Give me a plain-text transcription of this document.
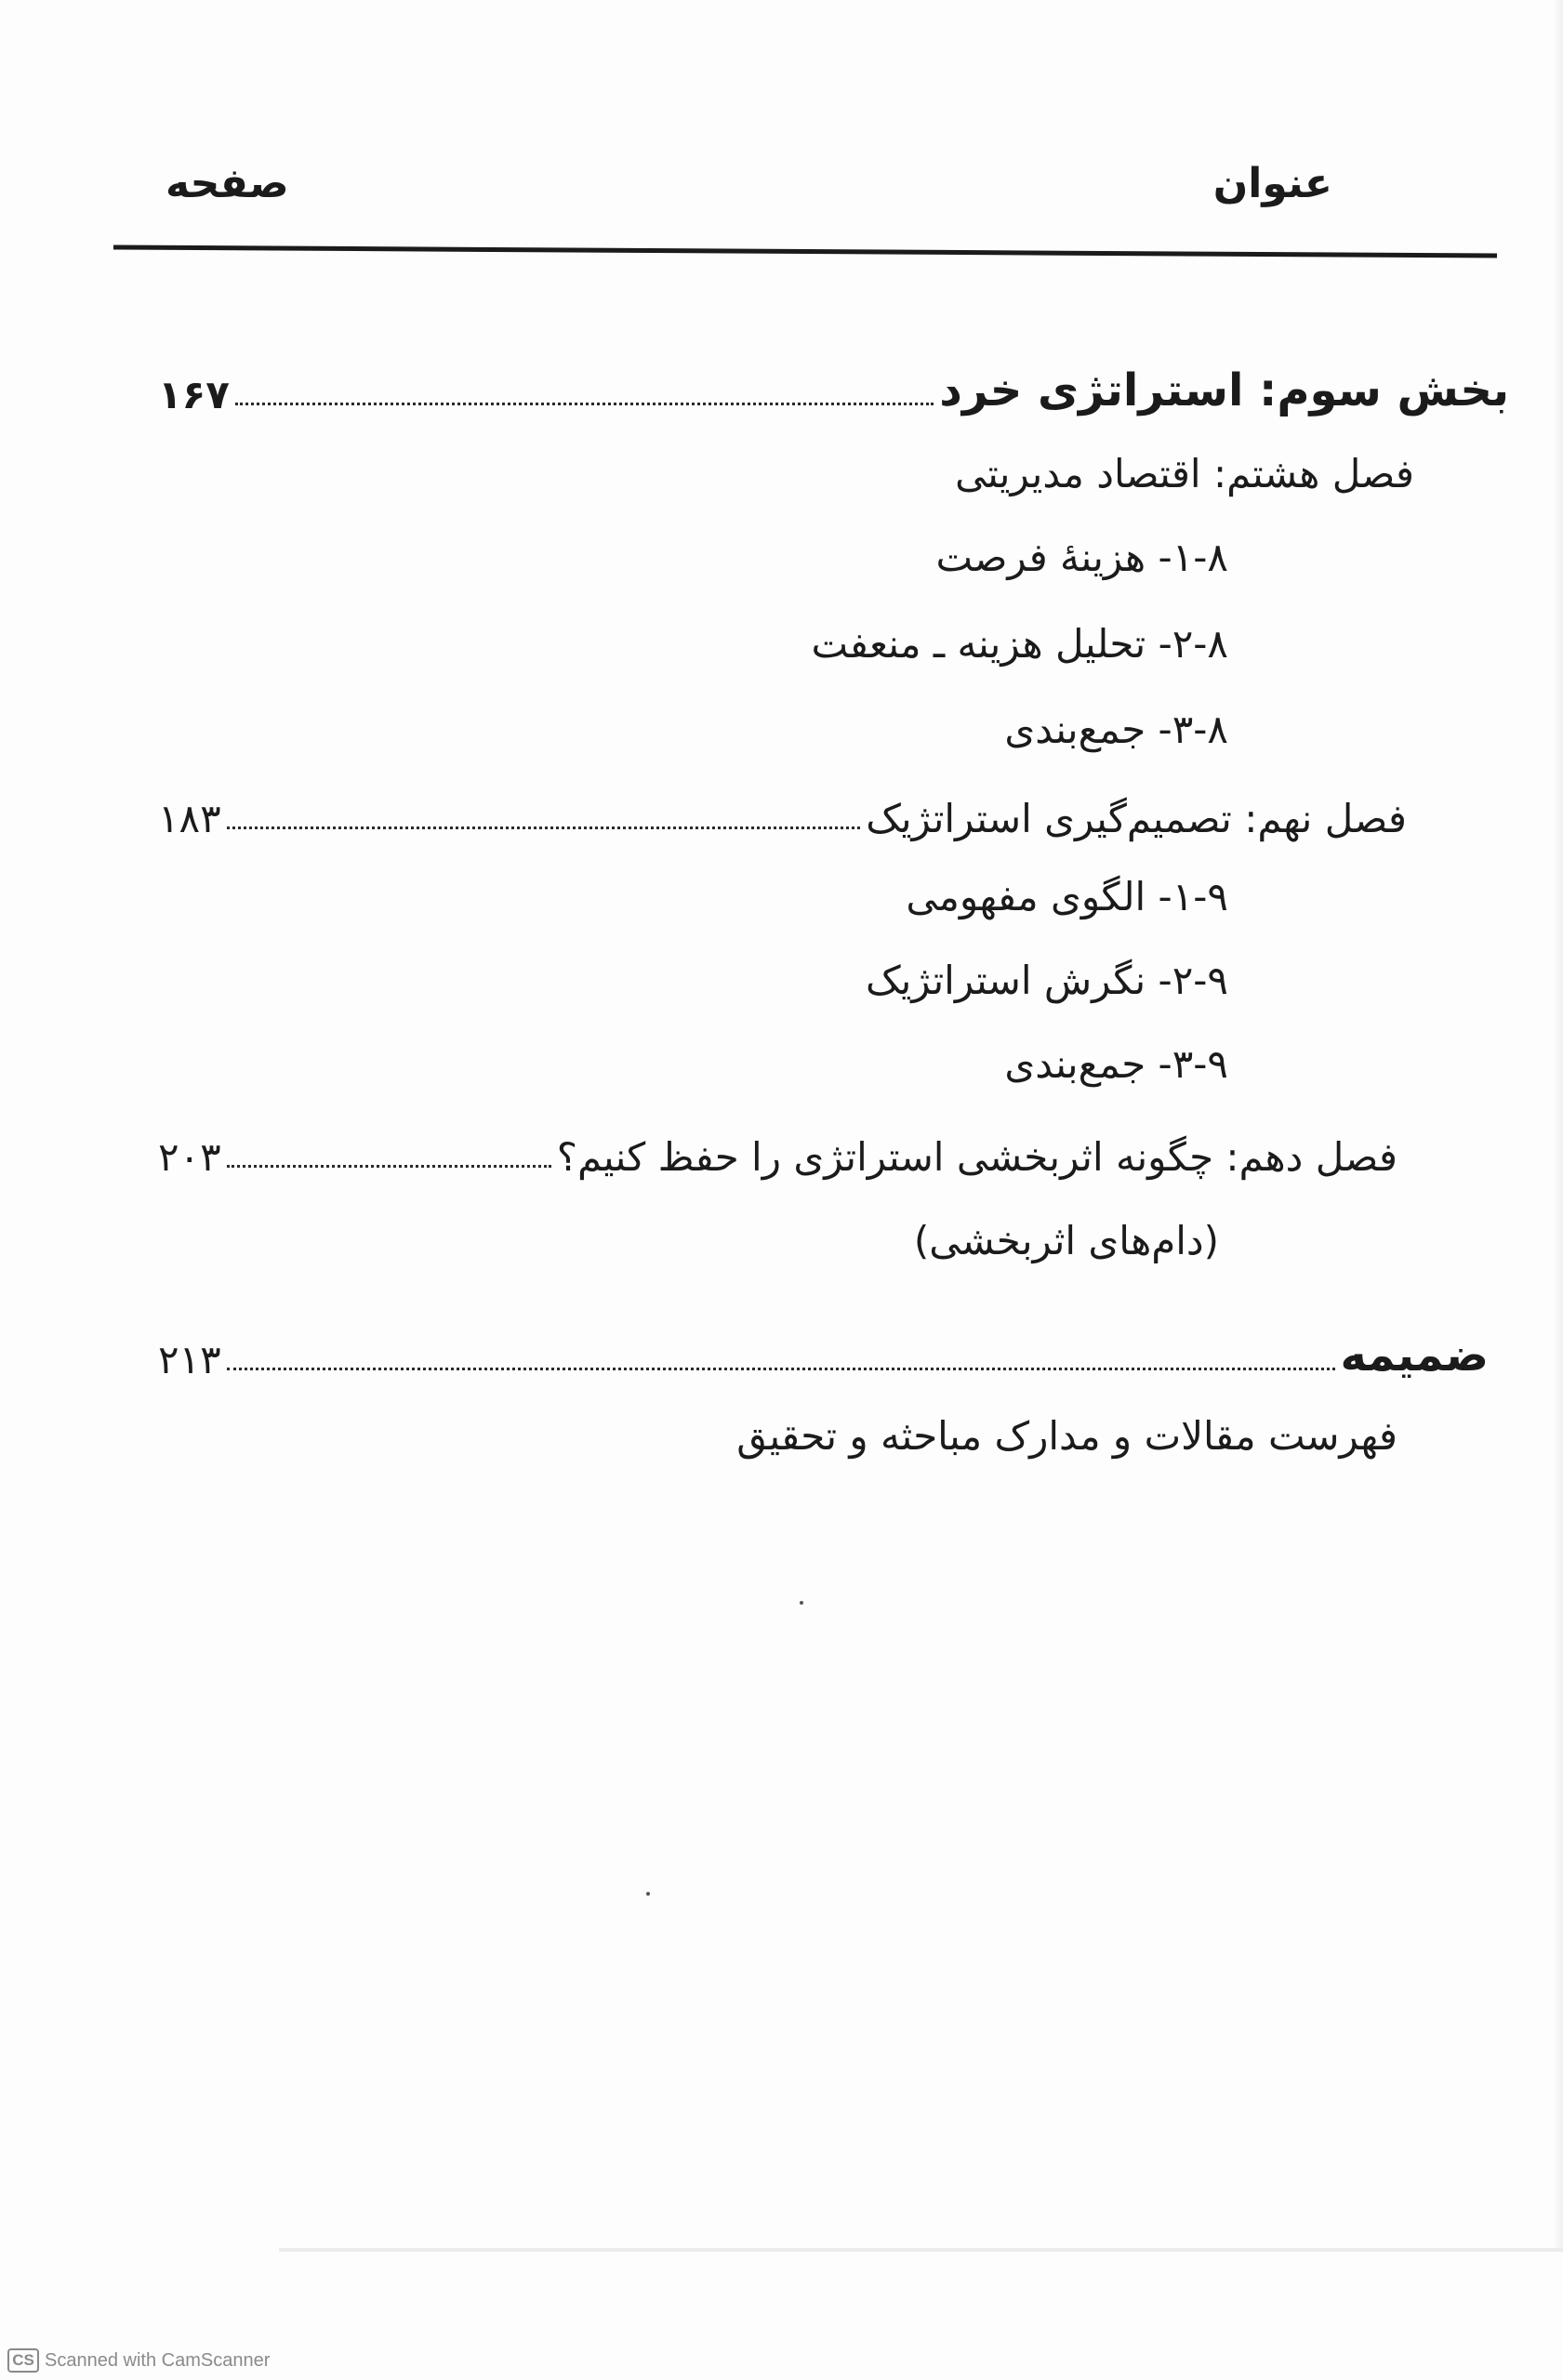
عنوان
صفحه
بخش سوم: استراتژی خرد
۱۶۷
فصل هشتم: اقتصاد مدیریتی
۱-۸- هزینهٔ فرصت
۲-۸- تحلیل هزینه ـ منعفت
۳-۸- جمع‌بندی
فصل نهم: تصمیم‌گیری استراتژیک
۱۸۳
۱-۹- الگوی مفهومی
۲-۹- نگرش استراتژیک
۳-۹- جمع‌بندی
فصل دهم: چگونه اثربخشی استراتژی را حفظ کنیم؟
۲۰۳
(دام‌های اثربخشی)
ضمیمه
۲۱۳
فهرست مقالات و مدارک مباحثه و تحقیق
CS Scanned with CamScanner
